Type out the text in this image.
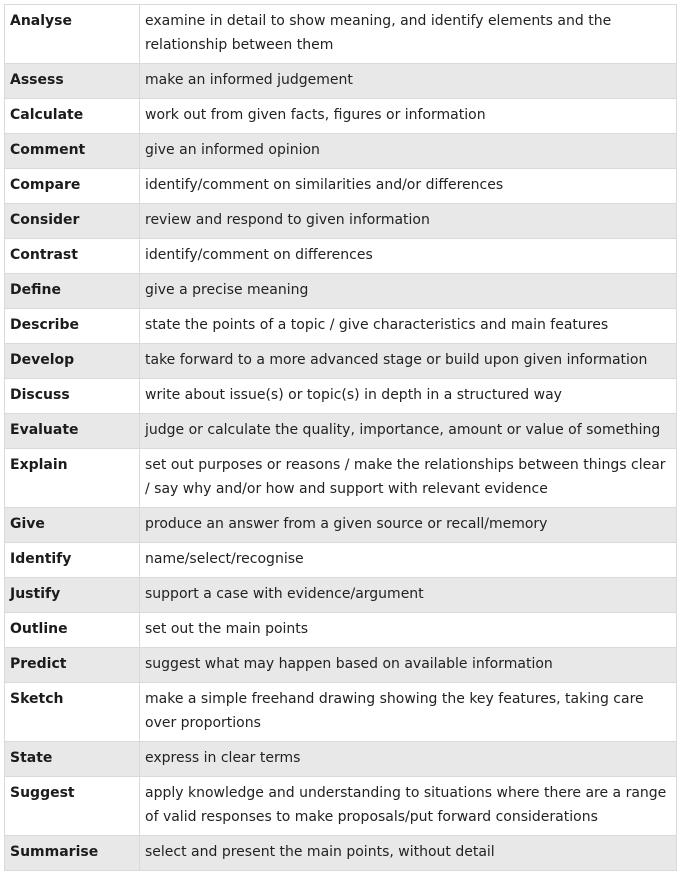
Analyse	examine in detail to show meaning, and identify elements and the relationship between them
Assess	make an informed judgement
Calculate	work out from given facts, figures or information
Comment	give an informed opinion
Compare	identify/comment on similarities and/or differences
Consider	review and respond to given information
Contrast	identify/comment on differences
Define	give a precise meaning
Describe	state the points of a topic / give characteristics and main features
Develop	take forward to a more advanced stage or build upon given information
Discuss	write about issue(s) or topic(s) in depth in a structured way
Evaluate	judge or calculate the quality, importance, amount or value of something
Explain	set out purposes or reasons / make the relationships between things clear / say why and/or how and support with relevant evidence
Give	produce an answer from a given source or recall/memory
Identify	name/select/recognise
Justify	support a case with evidence/argument
Outline	set out the main points
Predict	suggest what may happen based on available information
Sketch	make a simple freehand drawing showing the key features, taking care over proportions
State	express in clear terms
Suggest	apply knowledge and understanding to situations where there are a range of valid responses to make proposals/put forward considerations
Summarise	select and present the main points, without detail
